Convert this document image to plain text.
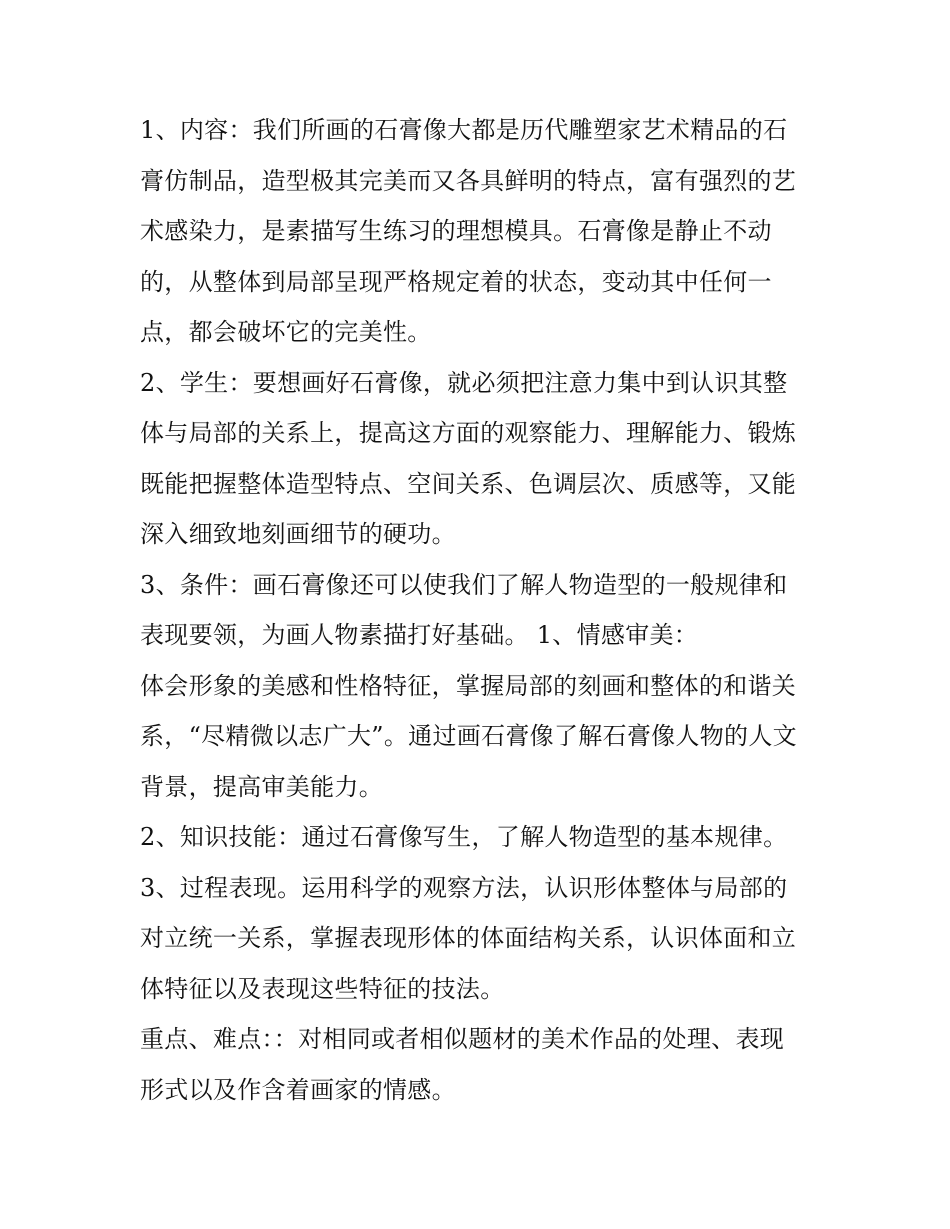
1、内容：我们所画的石膏像大都是历代雕塑家艺术精品的石
膏仿制品，造型极其完美而又各具鲜明的特点，富有强烈的艺
术感染力，是素描写生练习的理想模具。石膏像是静止不动
的，从整体到局部呈现严格规定着的状态，变动其中任何一
点，都会破坏它的完美性。
2、学生：要想画好石膏像，就必须把注意力集中到认识其整
体与局部的关系上，提高这方面的观察能力、理解能力、锻炼
既能把握整体造型特点、空间关系、色调层次、质感等，又能
深入细致地刻画细节的硬功。
3、条件：画石膏像还可以使我们了解人物造型的一般规律和
表现要领，为画人物素描打好基础。 1、情感审美：
体会形象的美感和性格特征，掌握局部的刻画和整体的和谐关
系，“尽精微以志广大”。通过画石膏像了解石膏像人物的人文
背景，提高审美能力。
2、知识技能：通过石膏像写生，了解人物造型的基本规律。
3、过程表现。运用科学的观察方法，认识形体整体与局部的
对立统一关系，掌握表现形体的体面结构关系，认识体面和立
体特征以及表现这些特征的技法。
重点、难点：：对相同或者相似题材的美术作品的处理、表现
形式以及作含着画家的情感。
